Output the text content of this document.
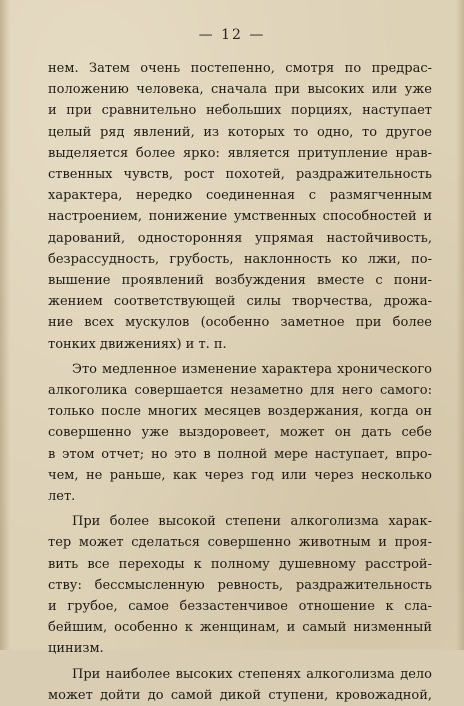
— 12 —

нем. Затем очень постепенно, смотря по предрас-
положению человека, сначала при высоких или уже
и при сравнительно небольших порциях, наступает
целый ряд явлений, из которых то одно, то другое
выделяется более ярко: является притупление нрав-
ственных чувств, рост похотей, раздражительность
характера, нередко соединенная с размягченным
настроением, понижение умственных способностей и
дарований, односторонняя упрямая настойчивость,
безрассудность, грубость, наклонность ко лжи, по-
вышение проявлений возбуждения вместе с пони-
жением соответствующей силы творчества, дрожа-
ние всех мускулов (особенно заметное при более
тонких движениях) и т. п.

Это медленное изменение характера хронического
алкоголика совершается незаметно для него самого:
только после многих месяцев воздержания, когда он
совершенно уже выздоровеет, может он дать себе
в этом отчет; но это в полной мере наступает, впро-
чем, не раньше, как через год или через несколько
лет.

При более высокой степени алкоголизма харак-
тер может сделаться совершенно животным и проя-
вить все переходы к полному душевному расстрой-
ству: бессмысленную ревность, раздражительность
и грубое, самое беззастенчивое отношение к сла-
бейшим, особенно к женщинам, и самый низменный
цинизм.

При наиболее высоких степенях алкоголизма дело
может дойти до самой дикой ступени, кровожадной,
